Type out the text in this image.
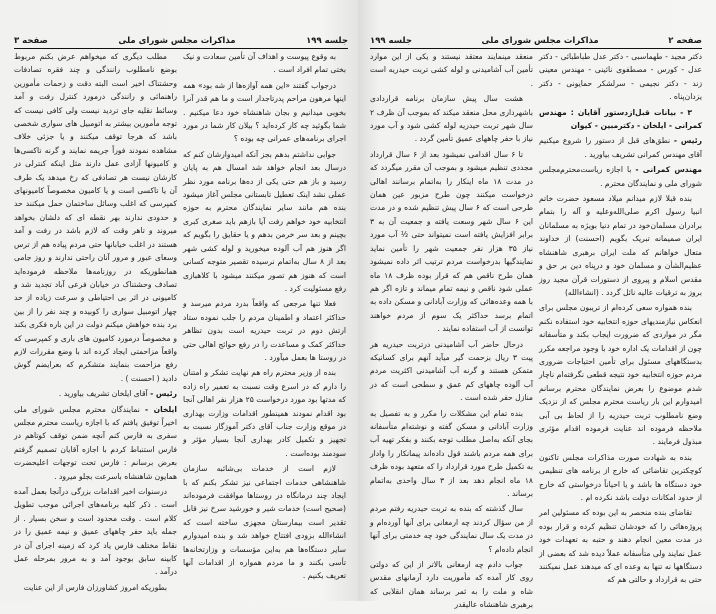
جلسه ۱۹۹
مذاکرات مجلس شورای ملی
صفحه ۳

به وقوع پیوست و اهداف آن تأمین سعادت و نیک بختی تمام افراد است .

درجواب گفتند «این همه آوازه‌ها از شه بود» همه اینها مرهون مراحم پدرتاجدار است و ما هم قدر آنرا بخوبی میدانیم و بجان شاهنشاه خود دعا میکنیم . شما بگوئید چه کار کرده‌اید ؟ بیلان کار شما در مورد اجرای برنامه‌های عمرانی چه بوده ؟

جوابی نداشتم بدهم بجز آنکه امیدوارشان کنم که درسال بعد انجام خواهد شد امسال هم به پایان رسید و باز هم حتی یکی از ده‌ها برنامه مورد نظر عملی نشد اینک تعطیل تابستانی مجلس آغاز میشود بنده هم مانند سایر نمایندگان محترم به حوزه انتخابیه خود خواهم رفت آیا بازهم باید صغری کبری بچینم و بعد سر خرمن بدهم و یا حقایق را بگویم که اگر هنوز هم آب آلوده میخورید و لوله کشی شهر بعد از ۸ سال به‌اتمام نرسیده تقصیر متوجه کسانی است که هنوز هم تصور میکنند میشود با کلاهبازی رفع مسئولیت کرد .

فعلا تنها مرجعی که واقعاً بدرد مردم میرسد و حداکثر اعتماد و اطمینان مردم را جلب نموده ستاد ارتش دوم در تربت حیدریه است بدون تظاهر حداکثر کمک و مساعدت را در رفع حوائج اهالی حتی در روستا ها بعمل میآورد .

بنده از وزیر محترم راه هم نهایت تشکر و امتنان را دارم که در اسرع وقت نسبت به تعمیر راه زاده که مدتها بود مورد درخواست ۲۵ هزار نفر اهالی آنجا بود اقدام نمودند همینطور اقدامات وزارت بهداری در موقع وزارت جناب آقای دکتر آموزگار نسبت به تجهیز و تکمیل کادر بهداری آنجا بسیار مؤثر و سودمند بوده‌است .

لازم است از خدمات بی‌شائبه سازمان شاهنشاهی خدمات اجتماعی نیز تشکر بکنم که با ایجاد چند درمانگاه در روستاها موافقت فرموده‌اند (صحیح است) خدمات شیر و خورشید سرخ نیز قابل تقدیر است بیمارستان مجهزی ساخته است که انشاءالله بزودی افتتاح خواهد شد و بنده امیدوارم سایر دستگاه‌ها هم به‌این مؤسسات و وزارتخانه‌ها تأسی بکنند و ما مردم همواره از اقدامات آنها تعریف بکنیم .

مطلب دیگری که میخواهم عرض بکنم مربوط بوضع نامطلوب رانندگی و چند فقره تصادفات وحشتناک اخیر است البته دقت و زحمات مأمورین راهنمائی و رانندگی درمورد کنترل رفت و آمد وسائط نقلیه جای تردید نیست ولی کافی نیست که توجه مأمورین بیشتر به اتومبیل های سواری شخصی باشد که هرجا توقف میکنند و یا جزئی خلاف مشاهده نمودند فوراً جریمه نمایند و گرنه تاکسی‌ها و کامیونها آزادی عمل دارند مثل اینکه کنترلی در کارشان نیست هر تصادفی که رخ میدهد یک طرف آن یا تاکسی است و یا کامیون مخصوصاً کامیونهای کمپرسی که اغلب وسائل ساختمان حمل میکنند حد و حدودی ندارند بهر نقطه ای که دلشان بخواهد میروند و تاهر وقت که لازم باشد در رفت و آمد هستند در اغلب خیابانها حتی مردم پیاده هم از ترس وسعای عبور و مرور آنان راحتی ندارند و روز جامی همانطوریکه در روزنامه‌ها ملاحظه فرموده‌اید تصادف وحشتناک در خیابان فرعی آباد تجدید شد و کامیونی در اثر بی احتیاطی و سرعت زیاده از حد چهار اتومبیل سواری را کوبیده و چند نفر را از بین برد بنده خواهش میکنم دولت در این باره فکری بکند و مخصوصاً درمورد کامیون های باری و کمپرسی که واقعاً مزاحمتی ایجاد کرده اند با وضع مقررات لازم رفع مزاحمت بنمایند متشکرم که بعرایضم گوش دادید ( احسنت ) .

رئیس - آقای ایلخان تشریف بیاورید .

ایلخان - نمایندگان محترم مجلس شورای ملی اخیراً توفیق یافتم که با اجازه ریاست محترم مجلس سفری به فارس کنم آنچه ضمن توقف کوتاهم در فارس استنباط کردم با اجازه آقایان تصمیم گرفتم بعرض برسانم : فارس تحت توجهات اعلیحضرت همایون شاهنشاه باسرعت بجلو میرود .

درسنوات اخیر اقدامات بزرگی درآنجا بعمل آمده است . ذکر کلیه برنامه‌های اجرائی موجب تطویل کلام است . وقت محدود است و سخن بسیار . از جمله باید حفر چاههای عمیق و نیمه عمیق را در نقاط مختلف فارس یاد کرد که زمینه اجرای آن در کابینه سابق بوجود آمد و به مرور بمرحله عمل درآمد .

بطوریکه امروز کشاورزان فارس از این عنایت

صفحه ۲
مذاکرات مجلس شورای ملی
جلسه ۱۹۹

دکتر مجید - طهماسبی - دکتر عدل طباطبائی - دکتر عدل - کورس - مصطفوی نائینی - مهندس معینی زند - دکتر نجیمی - سرلشکر حمایونی - دکتر یزدان‌پناه .

۳ - بیانات قبل‌ازدستور آقایان : مهندس کمرانی - ایلخان - دکترمبین - کیوان

رئیس - نطق‌های قبل از دستور را شروع میکنیم آقای مهندس کمرانی تشریف بیاورید .

مهندس کمرانی - با اجازه ریاست‌محترم‌مجلس شورای ملی و نمایندگان محترم .

بنده قبلا لازم میدانم میلاد مسعود حضرت خاتم انبیا رسول اکرم صلی‌الله‌وعلیه و آله را بتمام برادران مسلمان‌خود در تمام دنیا بویژه به مسلمانان ایران صمیمانه تبریک بگویم (احسنت) از خداوند متعال خواهانم که ملت ایران برهبری شاهنشاه عظیم‌الشأن و مسلمان خود و درپناه دین بر حق و مقدس اسلام و پیروی از دستورات قرآن مجید روز بروز به ترقیات عالیه نائل گردد . (انشاءالله)

بنده همواره سعی کرده‌ام از تریبون مجلس برای انعکاس نیازمندیهای حوزه انتخابیه خود استفاده نکنم مگر در مواردی که ضرورت ایجاب بکند و متأسفانه چون از اقدامات یک اداره خود با وجود مراجعه مکرر بدستگاههای مسئول برای تأمین احتیاجات ضروری مردم حوزه انتخابیه خود نتیجه قطعی نگرفته‌ام ناچار شدم موضوع را بعرض نمایندگان محترم برسانم امیدوارم این بار ریاست محترم مجلس که از نزدیک وضع نامطلوب تربت حیدریه را از لحاظ بی آبی ملاحظه فرموده اند عنایت فرموده اقدام مؤثری مبذول فرمایند .

بنده به شهادت صورت مذاکرات مجلس تاکنون کوچکترین تقاضائی که خارج از برنامه های تنظیمی خود دستگاه ها باشد و یا احیاناً درخواستی که خارج از حدود امکانات دولت باشد نکرده ام .

تقاضای بنده منحصر به این بوده که مسئولین امر پروژه‌هائی را که خودشان تنظیم کرده و قرار بوده در مدت معین انجام دهند و حتبه به تعهدات خود عمل نمایند ولی متأسفانه عملاً دیده شد که بعضی از دستگاهها نه تنها به وعده ای که میدهند عمل نمیکنند حتی به قرارداد و حالتی هم که

منعقد مینمایند معتقد نیستند و یکی از این موارد تأمین آب آشامیدنی و لوله کشی تربت حیدریه است .

هشت سال پیش سازمان برنامه قراردادی باشهرداری محل منعقد میکند که بموجب آن ظرف ۲ سال شهر تربت حیدریه لوله کشی شود و آب مورد نیاز با حفر چاههای عمیق تأمین گردد .

تا ۶ سال اقدامی نمیشود بعد از ۶ سال قرارداد مجددی تنظیم میشود و بموجب آن مقرر میگردد که در مدت ۱۸ ماه اینکار را به‌اتمام برسانند اهالی درخواست میکنند چون طرح مزبور عین همان طرحی است که ۶ سال پیش تنظیم شده و در مدت این ۶ سال شهر وسعت یافته و جمعیت آن به ۳ برابر افزایش یافته است نمیتواند حتی ½ آب مورد نیاز ۳۵ هزار نفر جمعیت شهر را تأمین نماید نمایندگیها بدرخواست مردم ترتیب اثر داده نمیشود همان طرح ناقص هم که قرار بوده ظرف ۱۸ ماه عملی شود ناقص و نیمه تمام میماند و تازه اگر هم با همه وعده‌هائی که وزارت آبادانی و مسکن داده به اتمام برسد حداکثر یک سوم از مردم خواهند توانست از آب استفاده نمایند .

درحال حاضر آب آشامیدنی درتربت حیدریه هر پیت ۳ ریال بزحمت گیر میآید آنهم برای کسانیکه متمکن هستند و گرنه آب آشامیدنی اکثریت مردم آب آلوده چاههای کم عمق و سطحی است که در منازل حفر شده است .

بنده تمام این مشکلات را مکرر و به تفصیل به وزارت آبادانی و مسکن گفته و نوشته‌ام متأسفانه بجای آنکه به‌اصل مطلب توجه بکنند و بفکر تهیه آب برای همه مردم باشند قول داده‌اند پیمانکار را وادار به تکمیل طرح مورد قرارداد را که متعهد بوده ظرف ۱۸ ماه انجام دهد بعد از ۳ سال واحدی به‌اتمام برساند .

سال گذشته که بنده به تربت حیدریه رفتم مردم از من سؤال کردند چه ارمغانی برای آنها آورده‌ام و در مدت یک سال نمایندگی خود چه خدمتی برای آنها انجام داده‌ام ؟

جواب دادم چه ارمغانی بالاتر از این که دولتی روی کار آمده که مأموریت دارد آرمانهای مقدس شاه و ملت را به ثمر برساند همان انقلابی که برهبری شاهنشاه عالیقدر
